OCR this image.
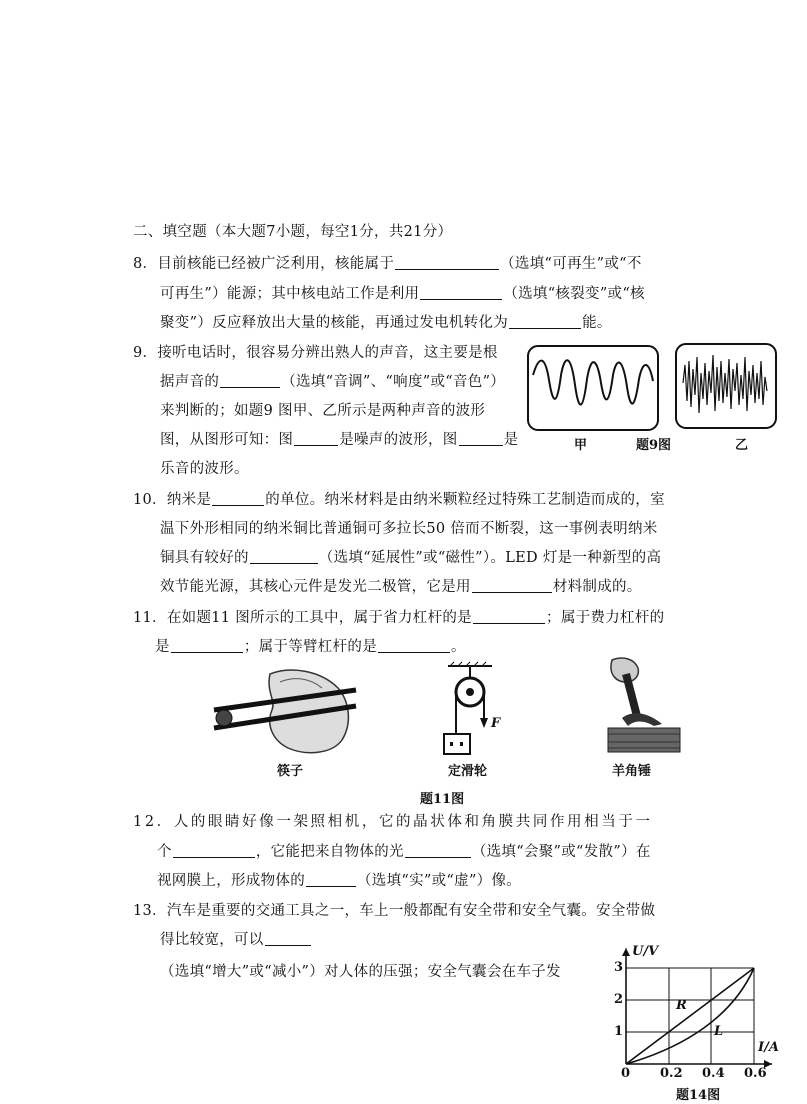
二、填空题（本大题7小题，每空1分，共21分）
8．目前核能已经被广泛利用，核能属于	（选填“可再生”或“不
可再生”）能源；其中核电站工作是利用	（选填“核裂变”或“核
聚变”）反应释放出大量的核能，再通过发电机转化为	能。
9．接听电话时，很容易分辨出熟人的声音，这主要是根
据声音的	（选填“音调”、“响度”或“音色”）
来判断的；如题9 图甲、乙所示是两种声音的波形
图，从图形可知：图	是噪声的波形，图	是
乐音的波形。
甲	题9图	乙
10．纳米是	的单位。纳米材料是由纳米颗粒经过特殊工艺制造而成的，室
温下外形相同的纳米铜比普通铜可多拉长50 倍而不断裂，这一事例表明纳米
铜具有较好的	（选填“延展性”或“磁性”）。LED 灯是一种新型的高
效节能光源，其核心元件是发光二极管，它是用	材料制成的。
11．在如题11 图所示的工具中，属于省力杠杆的是	；属于费力杠杆的
是	；属于等臂杠杆的是	。
筷子
F
定滑轮	羊角锤
题11图
12．人的眼睛好像一架照相机，它的晶状体和角膜共同作用相当于一
个	，它能把来自物体的光	（选填“会聚”或“发散”）在
视网膜上，形成物体的	（选填“实”或“虚”）像。
13．汽车是重要的交通工具之一，车上一般都配有安全带和安全气囊。安全带做
得比较宽，可以
（选填“增大”或“减小”）对人体的压强；安全气囊会在车子发
U/V
I/A
3
2
1
0 0.2 0.4 0.6
R
L
题14图
